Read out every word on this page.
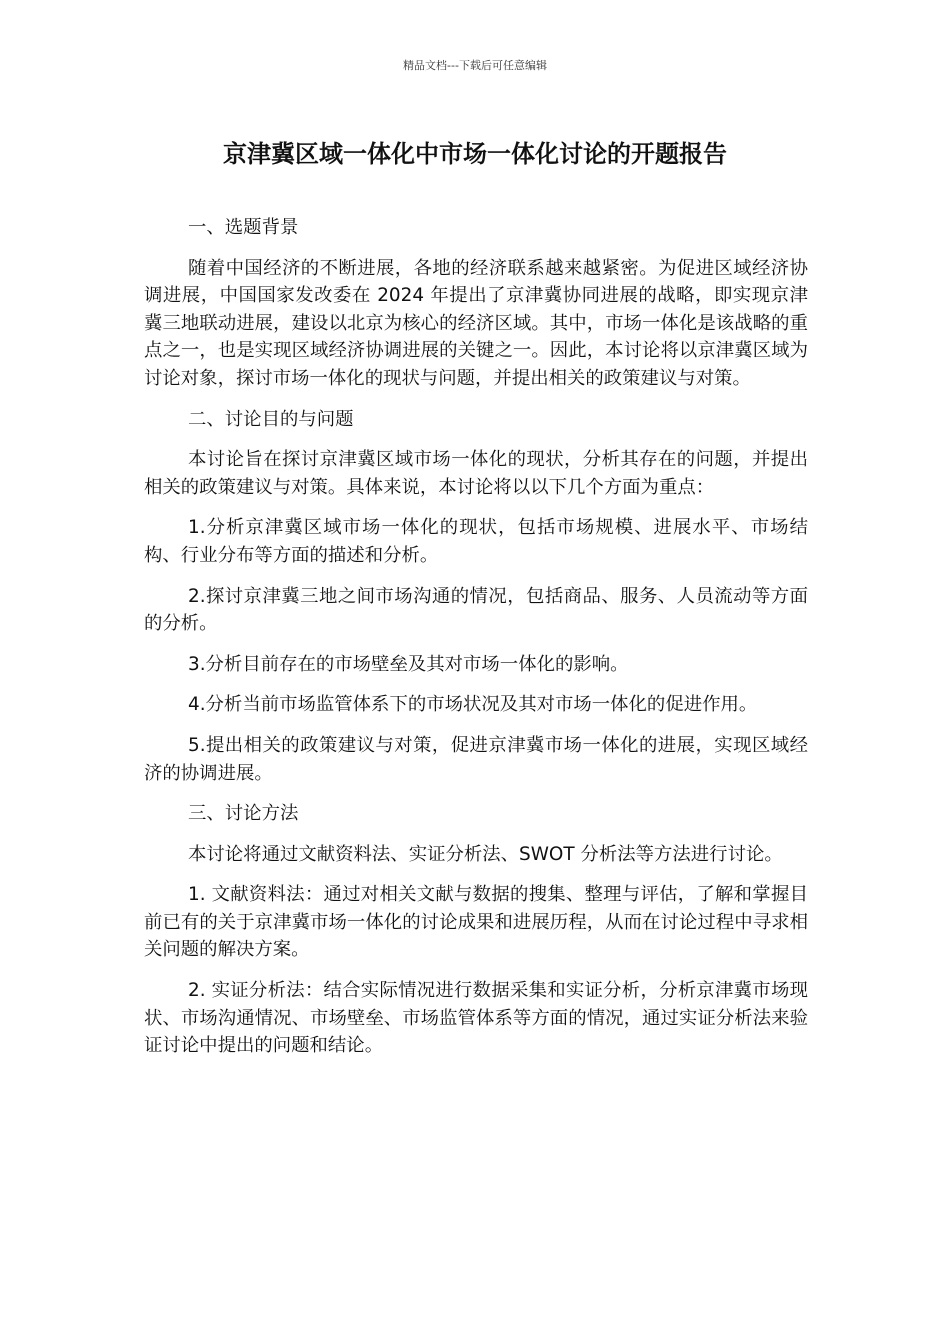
精品文档---下载后可任意编辑
京津冀区域一体化中市场一体化讨论的开题报告

一、选题背景

随着中国经济的不断进展，各地的经济联系越来越紧密。为促进区域经济协调进展，中国国家发改委在 2024 年提出了京津冀协同进展的战略，即实现京津冀三地联动进展，建设以北京为核心的经济区域。其中，市场一体化是该战略的重点之一，也是实现区域经济协调进展的关键之一。因此，本讨论将以京津冀区域为讨论对象，探讨市场一体化的现状与问题，并提出相关的政策建议与对策。

二、讨论目的与问题

本讨论旨在探讨京津冀区域市场一体化的现状，分析其存在的问题，并提出相关的政策建议与对策。具体来说，本讨论将以以下几个方面为重点：

1.分析京津冀区域市场一体化的现状，包括市场规模、进展水平、市场结构、行业分布等方面的描述和分析。

2.探讨京津冀三地之间市场沟通的情况，包括商品、服务、人员流动等方面的分析。

3.分析目前存在的市场壁垒及其对市场一体化的影响。

4.分析当前市场监管体系下的市场状况及其对市场一体化的促进作用。

5.提出相关的政策建议与对策，促进京津冀市场一体化的进展，实现区域经济的协调进展。

三、讨论方法

本讨论将通过文献资料法、实证分析法、SWOT 分析法等方法进行讨论。

1. 文献资料法：通过对相关文献与数据的搜集、整理与评估，了解和掌握目前已有的关于京津冀市场一体化的讨论成果和进展历程，从而在讨论过程中寻求相关问题的解决方案。

2. 实证分析法：结合实际情况进行数据采集和实证分析，分析京津冀市场现状、市场沟通情况、市场壁垒、市场监管体系等方面的情况，通过实证分析法来验证讨论中提出的问题和结论。
